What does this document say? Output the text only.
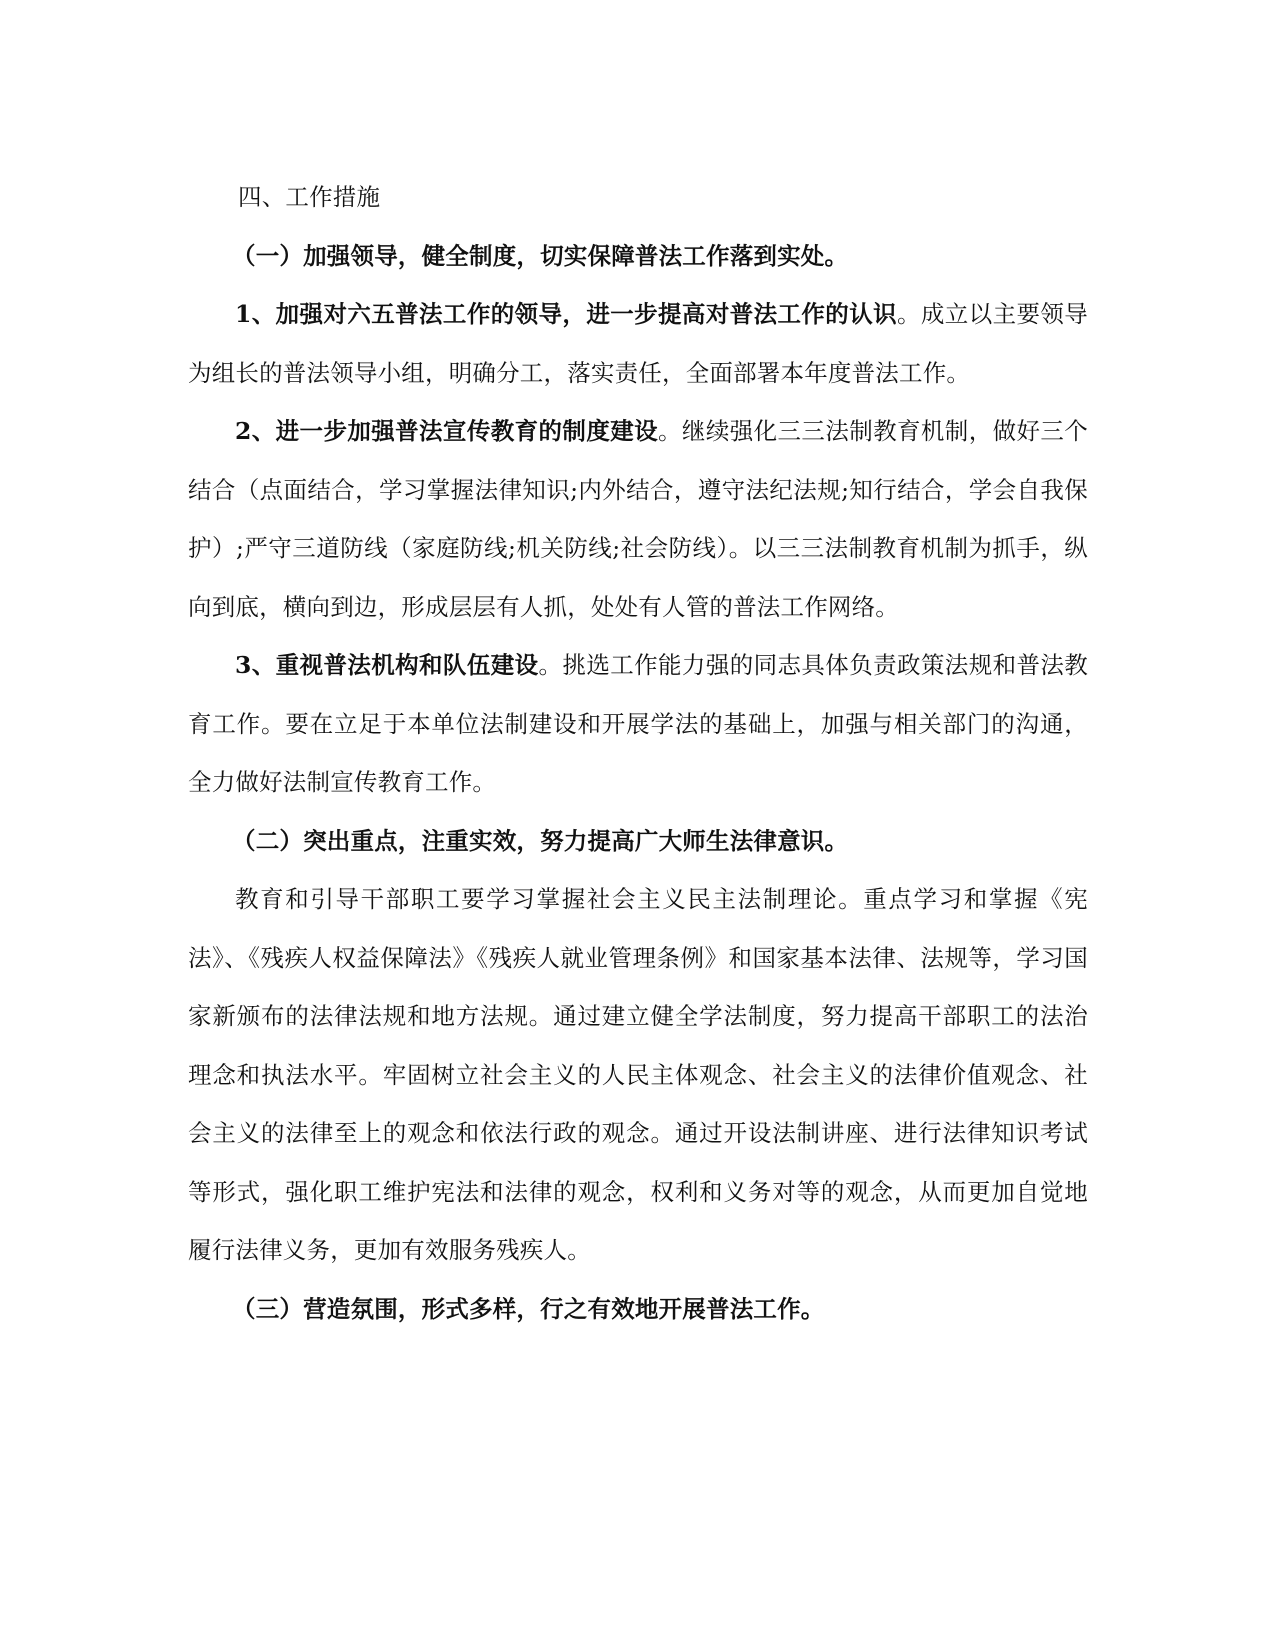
四、工作措施

（一）加强领导，健全制度，切实保障普法工作落到实处。

1、加强对六五普法工作的领导，进一步提高对普法工作的认识。成立以主要领导为组长的普法领导小组，明确分工，落实责任，全面部署本年度普法工作。

2、进一步加强普法宣传教育的制度建设。继续强化三三法制教育机制，做好三个结合（点面结合，学习掌握法律知识;内外结合，遵守法纪法规;知行结合，学会自我保护）;严守三道防线（家庭防线;机关防线;社会防线）。以三三法制教育机制为抓手，纵向到底，横向到边，形成层层有人抓，处处有人管的普法工作网络。

3、重视普法机构和队伍建设。挑选工作能力强的同志具体负责政策法规和普法教育工作。要在立足于本单位法制建设和开展学法的基础上，加强与相关部门的沟通，全力做好法制宣传教育工作。

（二）突出重点，注重实效，努力提高广大师生法律意识。

教育和引导干部职工要学习掌握社会主义民主法制理论。重点学习和掌握《宪法》、《残疾人权益保障法》《残疾人就业管理条例》和国家基本法律、法规等，学习国家新颁布的法律法规和地方法规。通过建立健全学法制度，努力提高干部职工的法治理念和执法水平。牢固树立社会主义的人民主体观念、社会主义的法律价值观念、社会主义的法律至上的观念和依法行政的观念。通过开设法制讲座、进行法律知识考试等形式，强化职工维护宪法和法律的观念，权利和义务对等的观念，从而更加自觉地履行法律义务，更加有效服务残疾人。

（三）营造氛围，形式多样，行之有效地开展普法工作。
